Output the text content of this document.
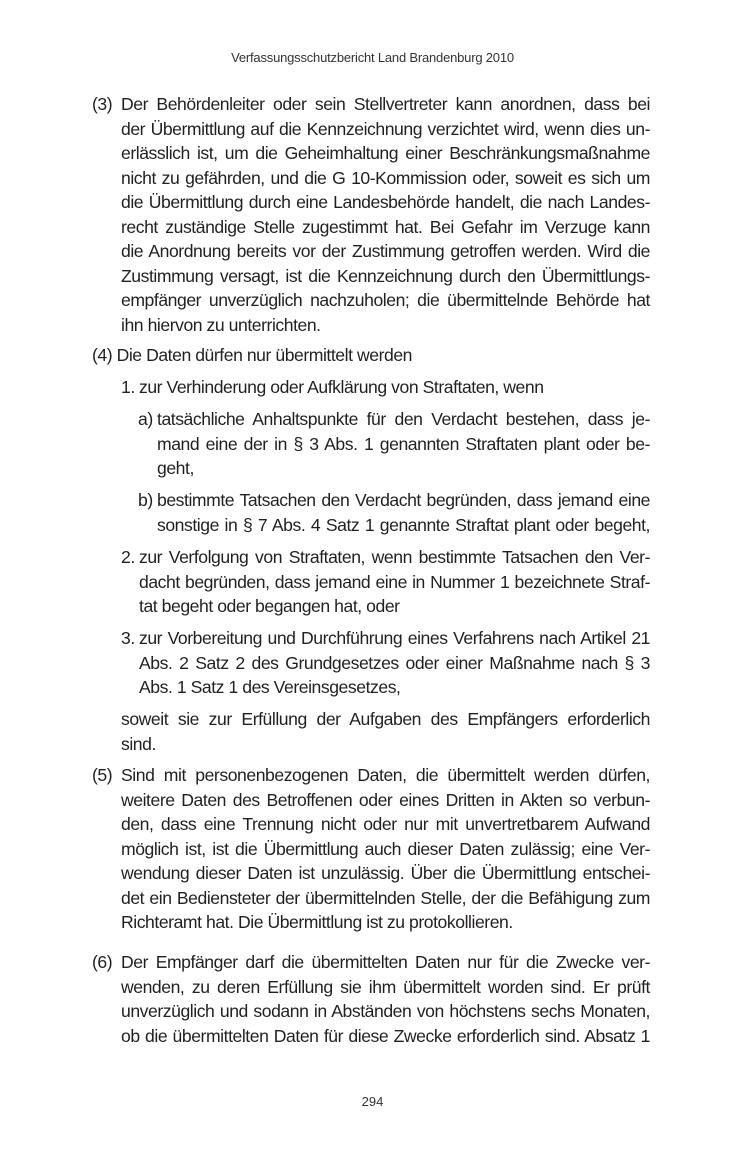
Verfassungsschutzbericht Land Brandenburg 2010
(3) Der Behördenleiter oder sein Stellvertreter kann anordnen, dass bei
der Übermittlung auf die Kennzeichnung verzichtet wird, wenn dies un-
erlässlich ist, um die Geheimhaltung einer Beschränkungsmaßnahme
nicht zu gefährden, und die G 10-Kommission oder, soweit es sich um
die Übermittlung durch eine Landesbehörde handelt, die nach Landes-
recht zuständige Stelle zugestimmt hat. Bei Gefahr im Verzuge kann
die Anordnung bereits vor der Zustimmung getroffen werden. Wird die
Zustimmung versagt, ist die Kennzeichnung durch den Übermittlungs-
empfänger unverzüglich nachzuholen; die übermittelnde Behörde hat
ihn hiervon zu unterrichten.
(4) Die Daten dürfen nur übermittelt werden
1. zur Verhinderung oder Aufklärung von Straftaten, wenn
a) tatsächliche Anhaltspunkte für den Verdacht bestehen, dass je-
mand eine der in § 3 Abs. 1 genannten Straftaten plant oder be-
geht,
b) bestimmte Tatsachen den Verdacht begründen, dass jemand eine
sonstige in § 7 Abs. 4 Satz 1 genannte Straftat plant oder begeht,
2. zur Verfolgung von Straftaten, wenn bestimmte Tatsachen den Ver-
dacht begründen, dass jemand eine in Nummer 1 bezeichnete Straf-
tat begeht oder begangen hat, oder
3. zur Vorbereitung und Durchführung eines Verfahrens nach Artikel 21
Abs. 2 Satz 2 des Grundgesetzes oder einer Maßnahme nach § 3
Abs. 1 Satz 1 des Vereinsgesetzes,
soweit sie zur Erfüllung der Aufgaben des Empfängers erforderlich
sind.
(5) Sind mit personenbezogenen Daten, die übermittelt werden dürfen,
weitere Daten des Betroffenen oder eines Dritten in Akten so verbun-
den, dass eine Trennung nicht oder nur mit unvertretbarem Aufwand
möglich ist, ist die Übermittlung auch dieser Daten zulässig; eine Ver-
wendung dieser Daten ist unzulässig. Über die Übermittlung entschei-
det ein Bediensteter der übermittelnden Stelle, der die Befähigung zum
Richteramt hat. Die Übermittlung ist zu protokollieren.
(6) Der Empfänger darf die übermittelten Daten nur für die Zwecke ver-
wenden, zu deren Erfüllung sie ihm übermittelt worden sind. Er prüft
unverzüglich und sodann in Abständen von höchstens sechs Monaten,
ob die übermittelten Daten für diese Zwecke erforderlich sind. Absatz 1
294
